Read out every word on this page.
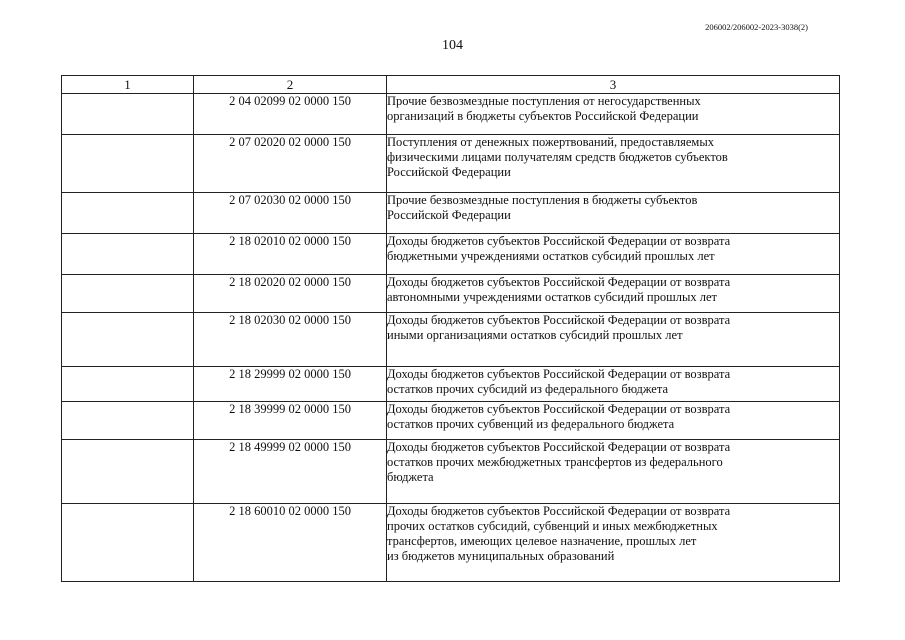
206002/206002-2023-3038(2)
104
1	2	3
	2 04 02099 02 0000 150	Прочие безвозмездные поступления от негосударственных
организаций в бюджеты субъектов Российской Федерации

	2 07 02020 02 0000 150	Поступления от денежных пожертвований, предоставляемых
физическими лицами получателям средств бюджетов субъектов
Российской Федерации

	2 07 02030 02 0000 150	Прочие безвозмездные поступления в бюджеты субъектов
Российской Федерации

	2 18 02010 02 0000 150	Доходы бюджетов субъектов Российской Федерации от возврата
бюджетными учреждениями остатков субсидий прошлых лет

	2 18 02020 02 0000 150	Доходы бюджетов субъектов Российской Федерации от возврата
автономными учреждениями остатков субсидий прошлых лет

	2 18 02030 02 0000 150	Доходы бюджетов субъектов Российской Федерации от возврата
иными организациями остатков субсидий прошлых лет

	2 18 29999 02 0000 150	Доходы бюджетов субъектов Российской Федерации от возврата
остатков прочих субсидий из федерального бюджета

	2 18 39999 02 0000 150	Доходы бюджетов субъектов Российской Федерации от возврата
остатков прочих субвенций из федерального бюджета

	2 18 49999 02 0000 150	Доходы бюджетов субъектов Российской Федерации от возврата
остатков прочих межбюджетных трансфертов из федерального
бюджета

	2 18 60010 02 0000 150	Доходы бюджетов субъектов Российской Федерации от возврата
прочих остатков субсидий, субвенций и иных межбюджетных
трансфертов, имеющих целевое назначение, прошлых лет
из бюджетов муниципальных образований
